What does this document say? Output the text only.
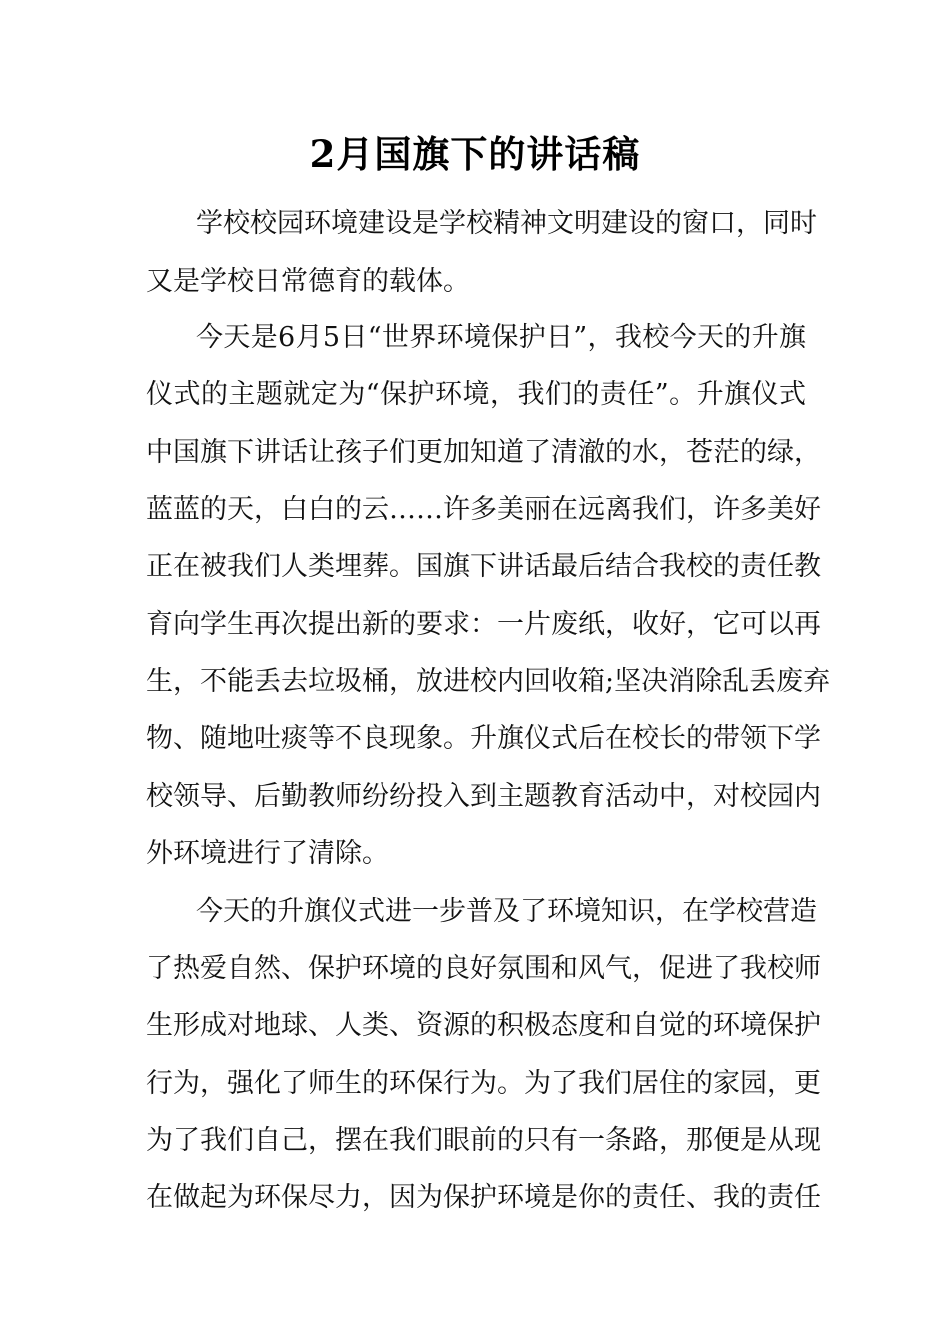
2月国旗下的讲话稿
学校校园环境建设是学校精神文明建设的窗口，同时
又是学校日常德育的载体。
今天是6月5日“世界环境保护日”，我校今天的升旗
仪式的主题就定为“保护环境，我们的责任”。升旗仪式
中国旗下讲话让孩子们更加知道了清澈的水，苍茫的绿，
蓝蓝的天，白白的云……许多美丽在远离我们，许多美好
正在被我们人类埋葬。国旗下讲话最后结合我校的责任教
育向学生再次提出新的要求：一片废纸，收好，它可以再
生，不能丢去垃圾桶，放进校内回收箱;坚决消除乱丢废弃
物、随地吐痰等不良现象。升旗仪式后在校长的带领下学
校领导、后勤教师纷纷投入到主题教育活动中，对校园内
外环境进行了清除。
今天的升旗仪式进一步普及了环境知识，在学校营造
了热爱自然、保护环境的良好氛围和风气，促进了我校师
生形成对地球、人类、资源的积极态度和自觉的环境保护
行为，强化了师生的环保行为。为了我们居住的家园，更
为了我们自己，摆在我们眼前的只有一条路，那便是从现
在做起为环保尽力，因为保护环境是你的责任、我的责任
